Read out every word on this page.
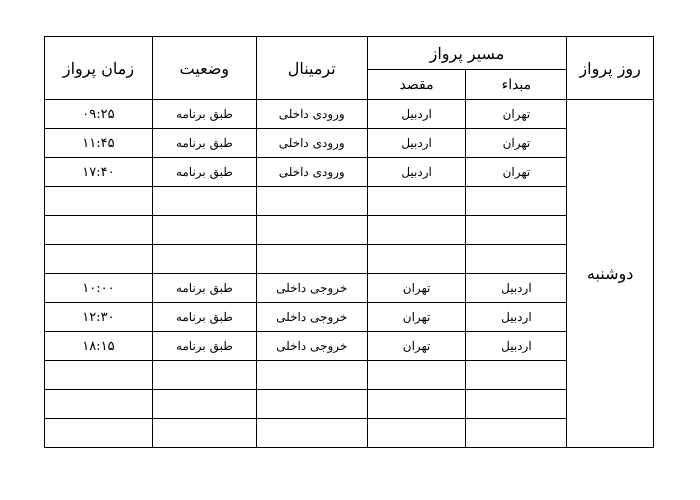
روز پرواز	مسیر پرواز		ترمینال	وضعیت	زمان پرواز
	مبداء	مقصد			
دوشنبه	تهران	اردبیل	ورودی داخلی	طبق برنامه	۰۹:۲۵
	تهران	اردبیل	ورودی داخلی	طبق برنامه	۱۱:۴۵
	تهران	اردبیل	ورودی داخلی	طبق برنامه	۱۷:۴۰

	اردبیل	تهران	خروجی داخلی	طبق برنامه	۱۰:۰۰
	اردبیل	تهران	خروجی داخلی	طبق برنامه	۱۲:۳۰
	اردبیل	تهران	خروجی داخلی	طبق برنامه	۱۸:۱۵
